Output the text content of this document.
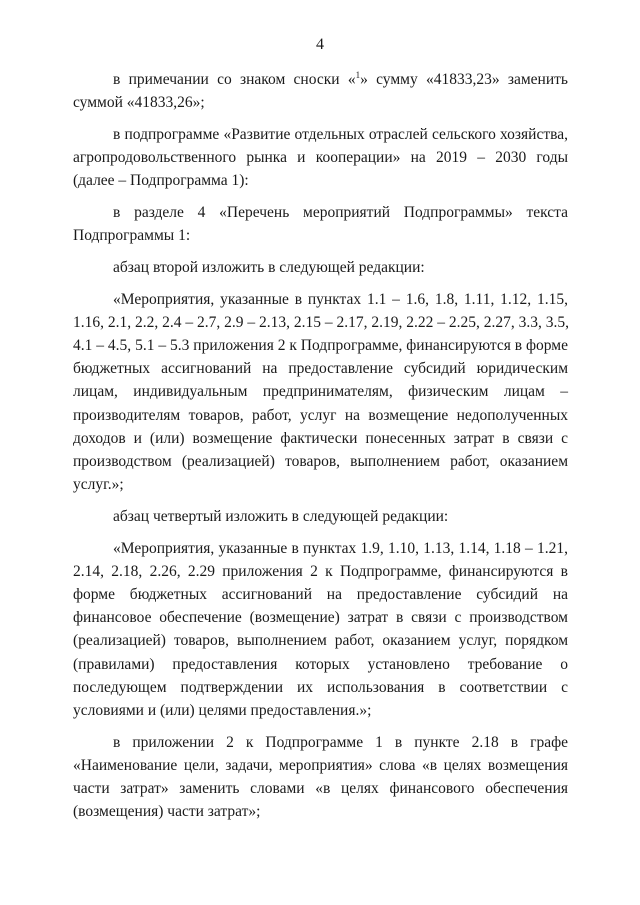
4
в примечании со знаком сноски «$^1$» сумму «41833,23» заменить
суммой «41833,26»;
в подпрограмме «Развитие отдельных отраслей сельского хозяйства,
агропродовольственного рынка и кооперации» на 2019 – 2030 годы
(далее – Подпрограмма 1):
в разделе 4 «Перечень мероприятий Подпрограммы» текста
Подпрограммы 1:
абзац второй изложить в следующей редакции:
«Мероприятия, указанные в пунктах 1.1 – 1.6, 1.8, 1.11, 1.12, 1.15,
1.16, 2.1, 2.2, 2.4 – 2.7, 2.9 – 2.13, 2.15 – 2.17, 2.19, 2.22 – 2.25, 2.27, 3.3, 3.5,
4.1 – 4.5, 5.1 – 5.3 приложения 2 к Подпрограмме, финансируются в форме
бюджетных ассигнований на предоставление субсидий юридическим
лицам, индивидуальным предпринимателям, физическим лицам –
производителям товаров, работ, услуг на возмещение недополученных
доходов и (или) возмещение фактически понесенных затрат в связи с
производством (реализацией) товаров, выполнением работ, оказанием
услуг.»;
абзац четвертый изложить в следующей редакции:
«Мероприятия, указанные в пунктах 1.9, 1.10, 1.13, 1.14, 1.18 – 1.21,
2.14, 2.18, 2.26, 2.29 приложения 2 к Подпрограмме, финансируются в
форме бюджетных ассигнований на предоставление субсидий на
финансовое обеспечение (возмещение) затрат в связи с производством
(реализацией) товаров, выполнением работ, оказанием услуг, порядком
(правилами) предоставления которых установлено требование о
последующем подтверждении их использования в соответствии с
условиями и (или) целями предоставления.»;
в приложении 2 к Подпрограмме 1 в пункте 2.18 в графе
«Наименование цели, задачи, мероприятия» слова «в целях возмещения
части затрат» заменить словами «в целях финансового обеспечения
(возмещения) части затрат»;
